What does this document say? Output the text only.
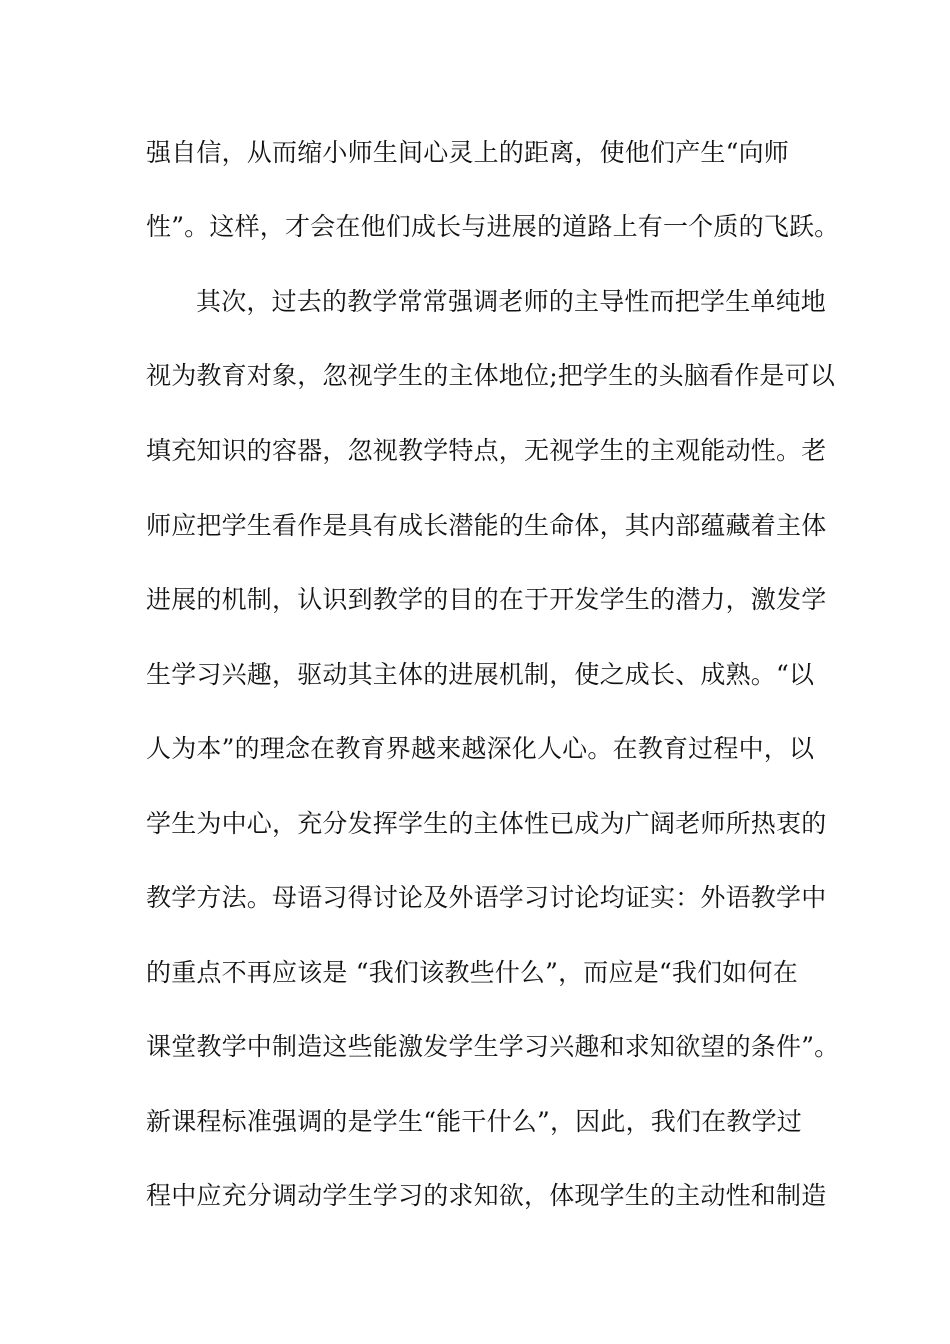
强自信，从而缩小师生间心灵上的距离，使他们产生“向师
性”。这样，才会在他们成长与进展的道路上有一个质的飞跃。
其次，过去的教学常常强调老师的主导性而把学生单纯地
视为教育对象，忽视学生的主体地位;把学生的头脑看作是可以
填充知识的容器，忽视教学特点，无视学生的主观能动性。老
师应把学生看作是具有成长潜能的生命体，其内部蕴藏着主体
进展的机制，认识到教学的目的在于开发学生的潜力，激发学
生学习兴趣，驱动其主体的进展机制，使之成长、成熟。“以
人为本”的理念在教育界越来越深化人心。在教育过程中，以
学生为中心，充分发挥学生的主体性已成为广阔老师所热衷的
教学方法。母语习得讨论及外语学习讨论均证实：外语教学中
的重点不再应该是 “我们该教些什么”，而应是“我们如何在
课堂教学中制造这些能激发学生学习兴趣和求知欲望的条件”。
新课程标准强调的是学生“能干什么”，因此，我们在教学过
程中应充分调动学生学习的求知欲，体现学生的主动性和制造
